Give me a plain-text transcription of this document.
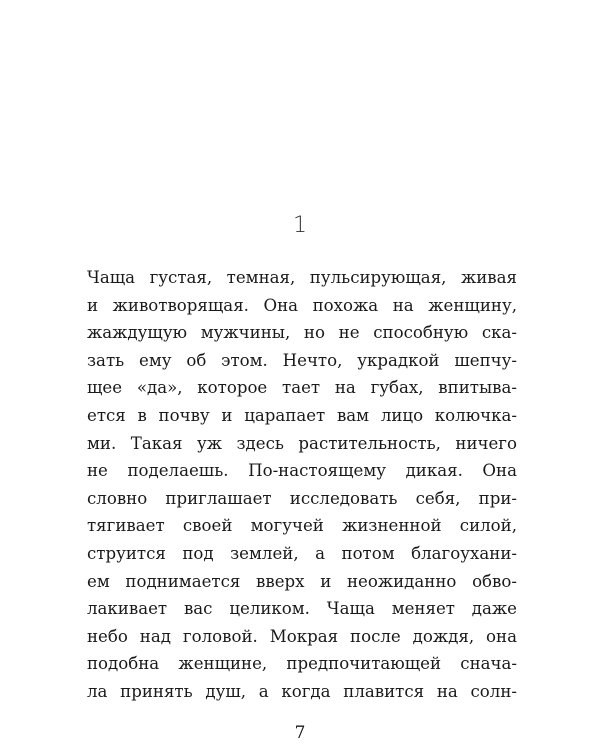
1
Чаща густая, темная, пульсирующая, живая
и животворящая. Она похожа на женщину,
жаждущую мужчины, но не способную ска-
зать ему об этом. Нечто, украдкой шепчу-
щее «да», которое тает на губах, впитыва-
ется в почву и царапает вам лицо колючка-
ми. Такая уж здесь растительность, ничего
не поделаешь. По-настоящему дикая. Она
словно приглашает исследовать себя, при-
тягивает своей могучей жизненной силой,
струится под землей, а потом благоухани-
ем поднимается вверх и неожиданно обво-
лакивает вас целиком. Чаща меняет даже
небо над головой. Мокрая после дождя, она
подобна женщине, предпочитающей снача-
ла принять душ, а когда плавится на солн-
7
